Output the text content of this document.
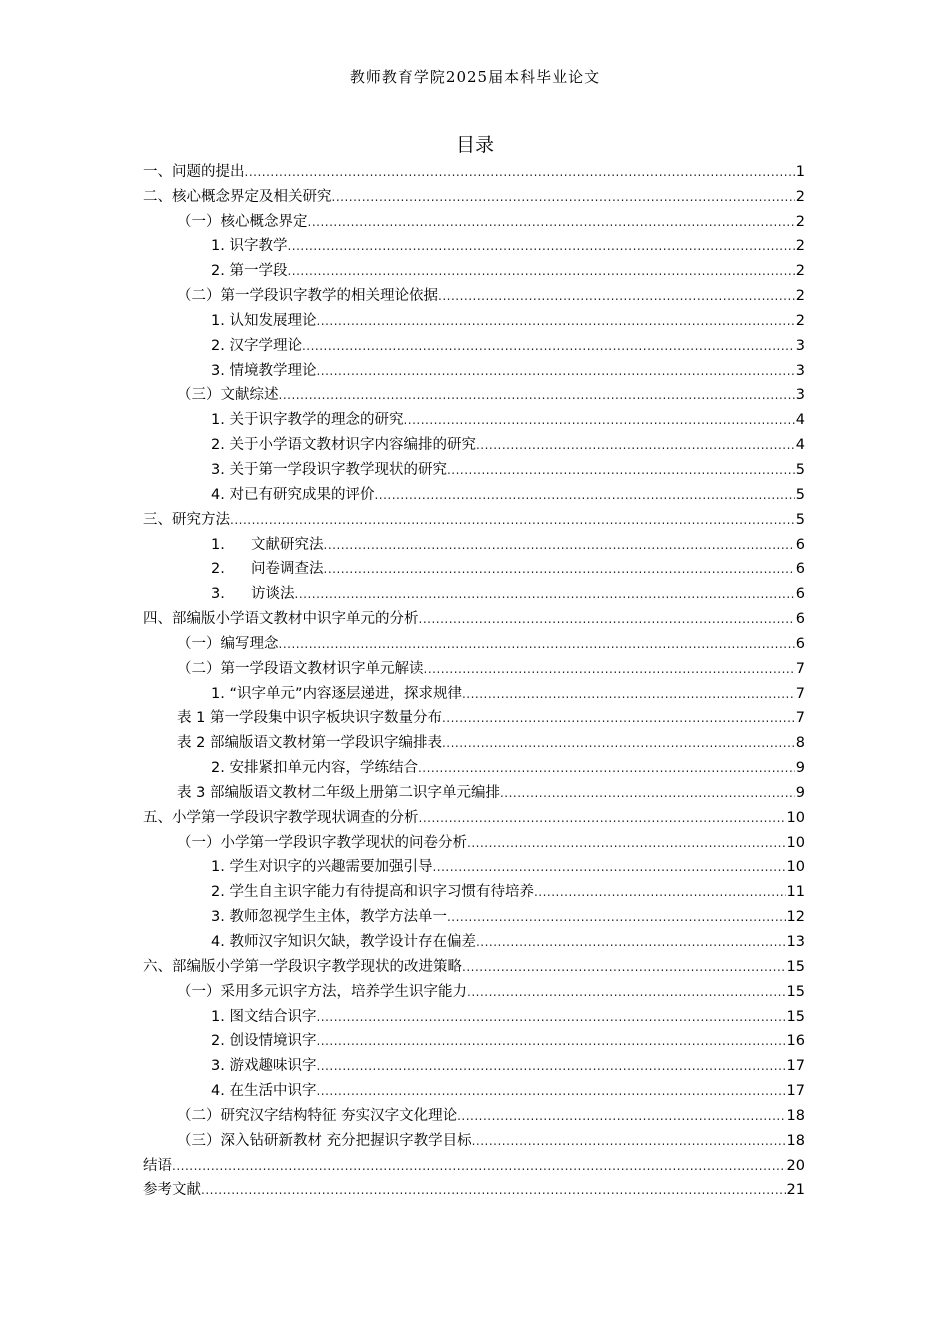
教师教育学院2025届本科毕业论文
目录
一、问题的提出 .....	1
二、核心概念界定及相关研究 .....	2
（一）核心概念界定 .....	2
1. 识字教学 .....	2
2. 第一学段 .....	2
（二）第一学段识字教学的相关理论依据 .....	2
1. 认知发展理论 .....	2
2. 汉字学理论 .....	3
3. 情境教学理论 .....	3
（三）文献综述 .....	3
1. 关于识字教学的理念的研究 .....	4
2. 关于小学语文教材识字内容编排的研究 .....	4
3. 关于第一学段识字教学现状的研究 .....	5
4. 对已有研究成果的评价 .....	5
三、研究方法 .....	5
1. 文献研究法 .....	6
2. 问卷调查法 .....	6
3. 访谈法 .....	6
四、部编版小学语文教材中识字单元的分析 .....	6
（一）编写理念 .....	6
（二）第一学段语文教材识字单元解读 .....	7
1. “识字单元”内容逐层递进，探求规律 .....	7
表 1 第一学段集中识字板块识字数量分布 .....	7
表 2 部编版语文教材第一学段识字编排表 .....	8
2. 安排紧扣单元内容，学练结合 .....	9
表 3 部编版语文教材二年级上册第二识字单元编排 .....	9
五、小学第一学段识字教学现状调查的分析 .....	10
（一）小学第一学段识字教学现状的问卷分析 .....	10
1. 学生对识字的兴趣需要加强引导 .....	10
2. 学生自主识字能力有待提高和识字习惯有待培养 .....	11
3. 教师忽视学生主体，教学方法单一 .....	12
4. 教师汉字知识欠缺，教学设计存在偏差 .....	13
六、部编版小学第一学段识字教学现状的改进策略 .....	15
（一）采用多元识字方法，培养学生识字能力 .....	15
1. 图文结合识字 .....	15
2. 创设情境识字 .....	16
3. 游戏趣味识字 .....	17
4. 在生活中识字 .....	17
（二）研究汉字结构特征 夯实汉字文化理论 .....	18
（三）深入钻研新教材 充分把握识字教学目标 .....	18
结语 .....	20
参考文献 .....	21
